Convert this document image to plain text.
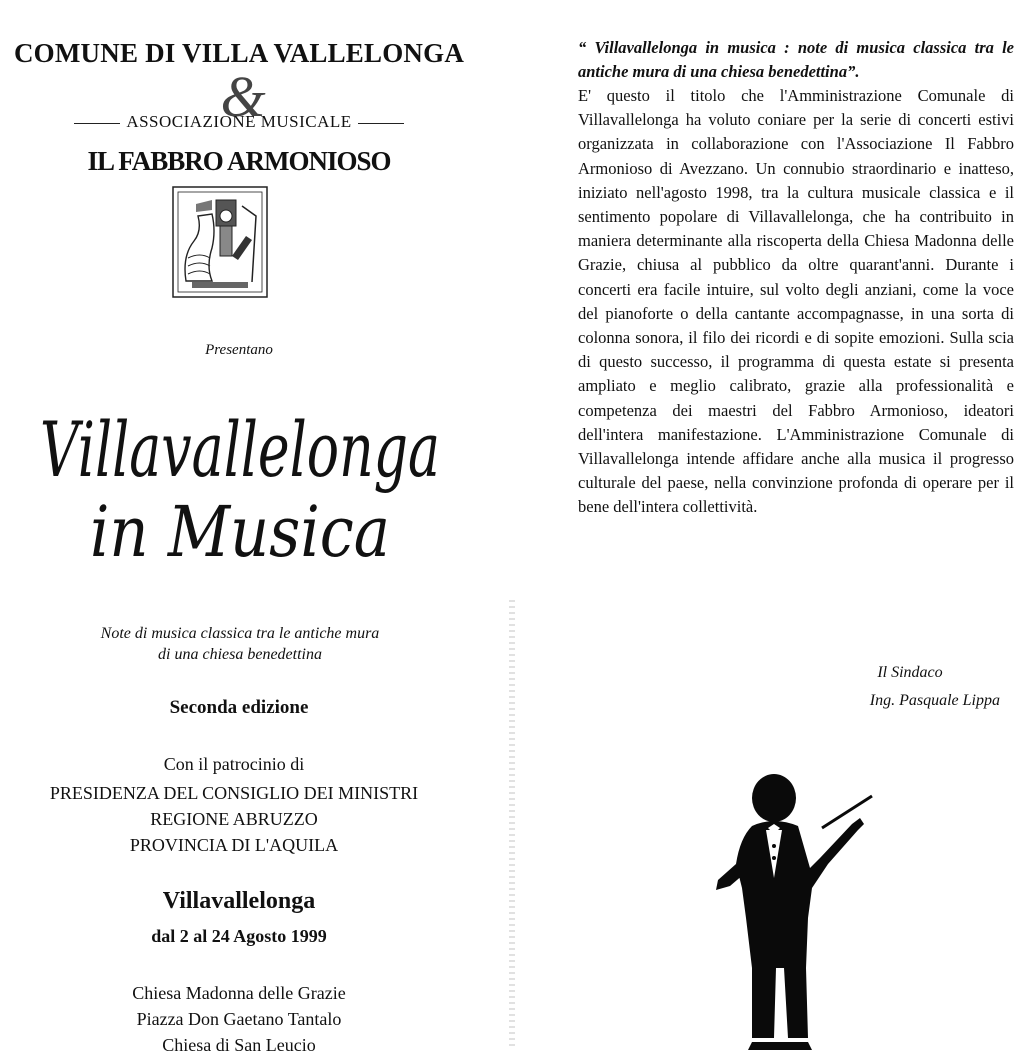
COMUNE DI VILLA VALLELONGA
&
ASSOCIAZIONE MUSICALE
IL FABBRO ARMONIOSO
Presentano
Villavallelonga
in Musica
Note di musica classica tra le antiche mura
di una chiesa benedettina
Seconda edizione
Con il patrocinio di
PRESIDENZA DEL CONSIGLIO DEI MINISTRI
REGIONE ABRUZZO
PROVINCIA DI L'AQUILA
Villavallelonga
dal 2 al 24 Agosto 1999
Chiesa Madonna delle Grazie
Piazza Don Gaetano Tantalo
Chiesa di San Leucio
“ Villavallelonga in musica : note di musica classica tra le antiche mura di una chiesa benedettina”.
E' questo il titolo che l'Amministrazione Comunale di Villavallelonga ha voluto coniare per la serie di concerti estivi organizzata in collaborazione con l'Associazione Il Fabbro Armonioso di Avezzano. Un connubio straordinario e inatteso, iniziato nell'agosto 1998, tra la cultura musicale classica e il sentimento popolare di Villavallelonga, che ha contribuito in maniera determinante alla riscoperta della Chiesa Madonna delle Grazie, chiusa al pubblico da oltre quarant'anni. Durante i concerti era facile intuire, sul volto degli anziani, come la voce del pianoforte o della cantante accompagnasse, in una sorta di colonna sonora, il filo dei ricordi e di sopite emozioni. Sulla scia di questo successo, il programma di questa estate si presenta ampliato e meglio calibrato, grazie alla professionalità e competenza dei maestri del Fabbro Armonioso, ideatori dell'intera manifestazione. L'Amministrazione Comunale di Villavallelonga intende affidare anche alla musica il progresso culturale del paese, nella convinzione profonda di operare per il bene dell'intera collettività.
Il Sindaco
Ing. Pasquale Lippa
